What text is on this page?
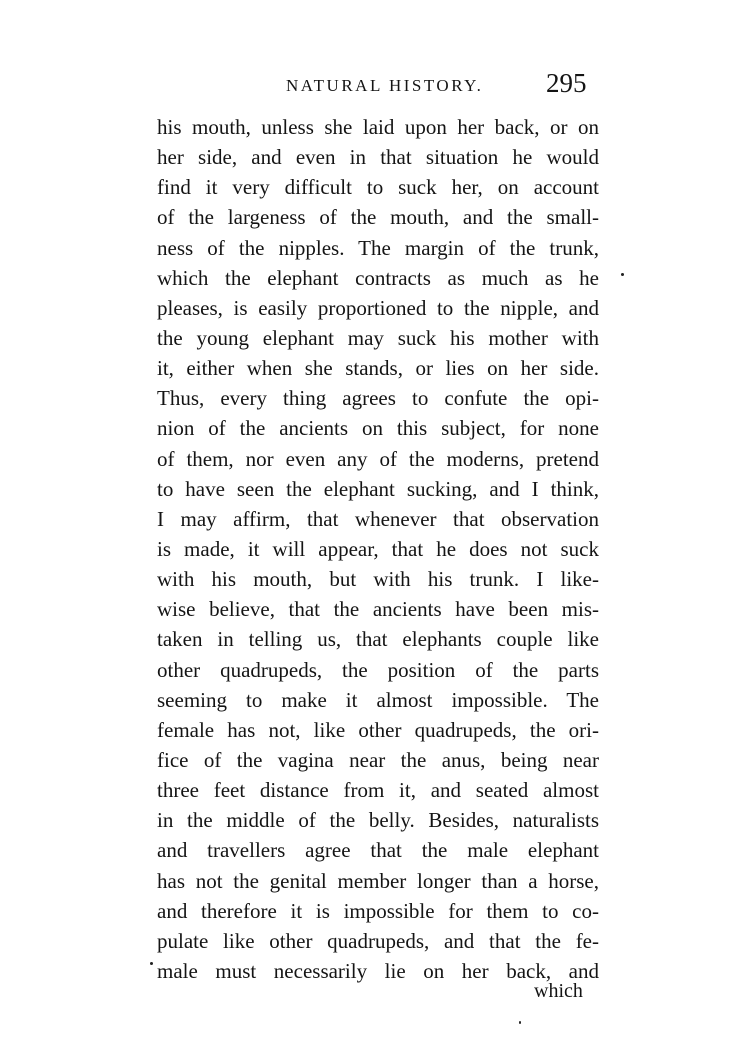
NATURAL HISTORY. 295
his mouth, unless she laid upon her back, or on
her side, and even in that situation he would
find it very difficult to suck her, on account
of the largeness of the mouth, and the small-
ness of the nipples. The margin of the trunk,
which the elephant contracts as much as he
pleases, is easily proportioned to the nipple, and
the young elephant may suck his mother with
it, either when she stands, or lies on her side.
Thus, every thing agrees to confute the opi-
nion of the ancients on this subject, for none
of them, nor even any of the moderns, pretend
to have seen the elephant sucking, and I think,
I may affirm, that whenever that observation
is made, it will appear, that he does not suck
with his mouth, but with his trunk. I like-
wise believe, that the ancients have been mis-
taken in telling us, that elephants couple like
other quadrupeds, the position of the parts
seeming to make it almost impossible. The
female has not, like other quadrupeds, the ori-
fice of the vagina near the anus, being near
three feet distance from it, and seated almost
in the middle of the belly. Besides, naturalists
and travellers agree that the male elephant
has not the genital member longer than a horse,
and therefore it is impossible for them to co-
pulate like other quadrupeds, and that the fe-
male must necessarily lie on her back, and
which
